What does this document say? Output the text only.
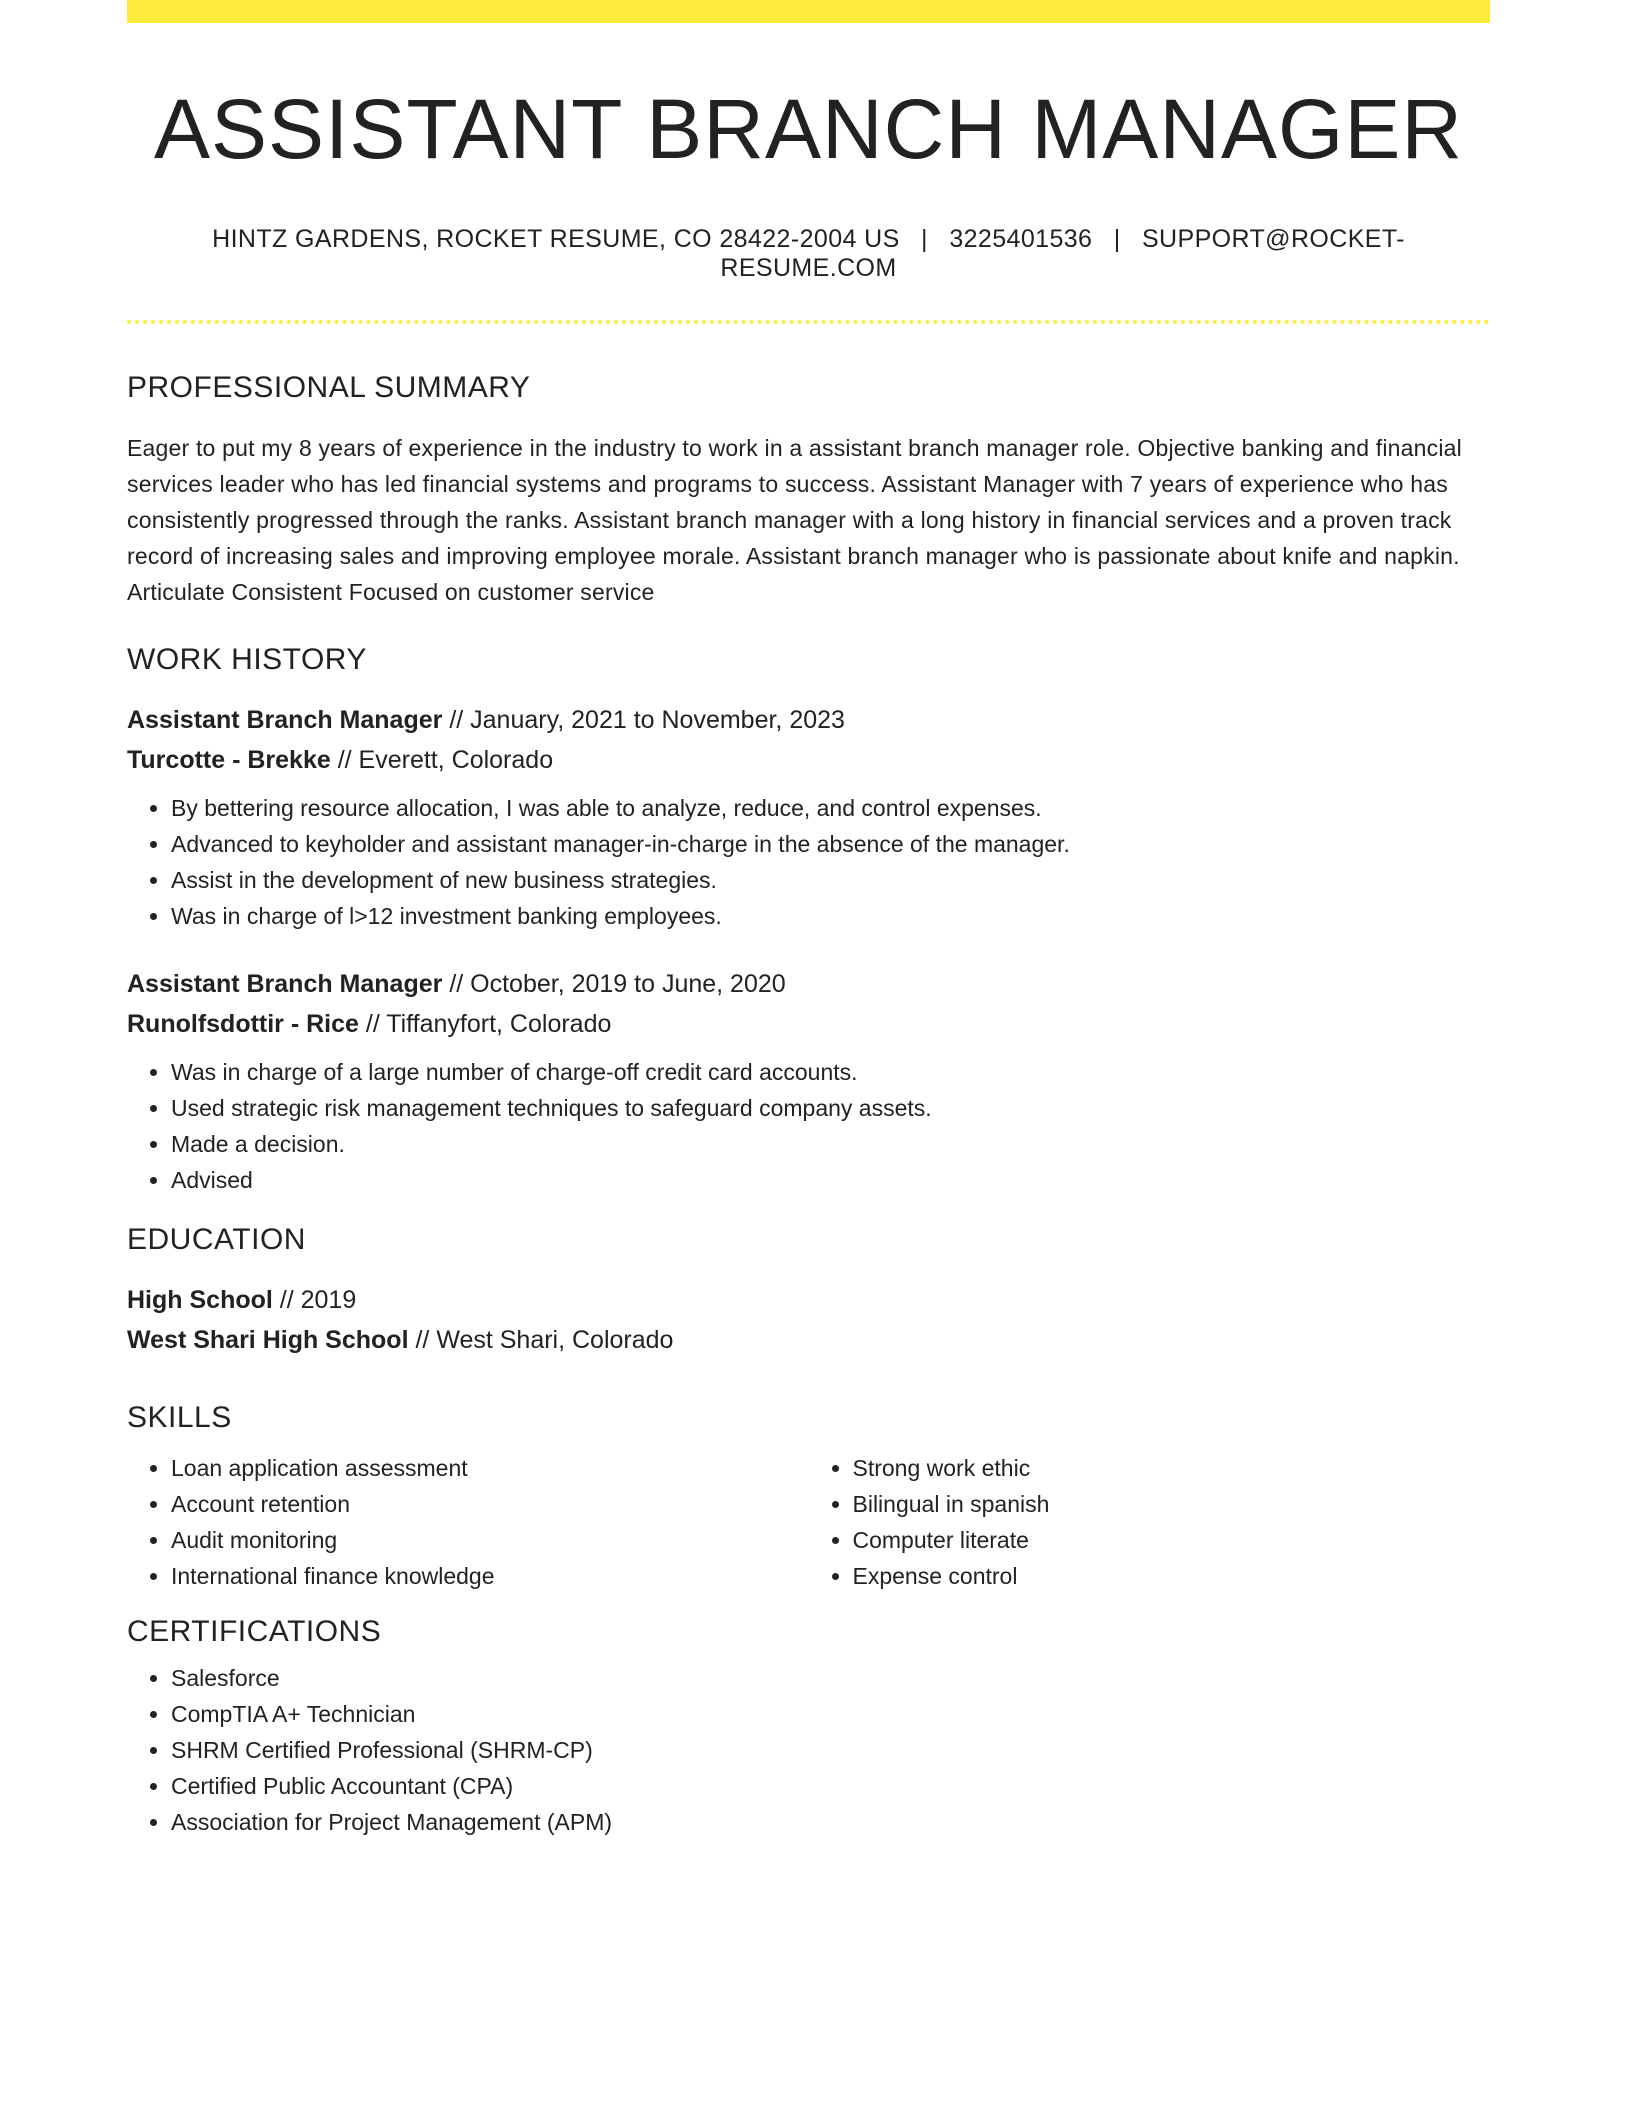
ASSISTANT BRANCH MANAGER
HINTZ GARDENS, ROCKET RESUME, CO 28422-2004 US | 3225401536 | SUPPORT@ROCKET-RESUME.COM
PROFESSIONAL SUMMARY
Eager to put my 8 years of experience in the industry to work in a assistant branch manager role. Objective banking and financial services leader who has led financial systems and programs to success. Assistant Manager with 7 years of experience who has consistently progressed through the ranks. Assistant branch manager with a long history in financial services and a proven track record of increasing sales and improving employee morale. Assistant branch manager who is passionate about knife and napkin. Articulate Consistent Focused on customer service
WORK HISTORY
Assistant Branch Manager // January, 2021 to November, 2023
Turcotte - Brekke // Everett, Colorado
• By bettering resource allocation, I was able to analyze, reduce, and control expenses.
• Advanced to keyholder and assistant manager-in-charge in the absence of the manager.
• Assist in the development of new business strategies.
• Was in charge of l>12 investment banking employees.
Assistant Branch Manager // October, 2019 to June, 2020
Runolfsdottir - Rice // Tiffanyfort, Colorado
• Was in charge of a large number of charge-off credit card accounts.
• Used strategic risk management techniques to safeguard company assets.
• Made a decision.
• Advised
EDUCATION
High School // 2019
West Shari High School // West Shari, Colorado
SKILLS
• Loan application assessment
• Account retention
• Audit monitoring
• International finance knowledge
• Strong work ethic
• Bilingual in spanish
• Computer literate
• Expense control
CERTIFICATIONS
• Salesforce
• CompTIA A+ Technician
• SHRM Certified Professional (SHRM-CP)
• Certified Public Accountant (CPA)
• Association for Project Management (APM)
